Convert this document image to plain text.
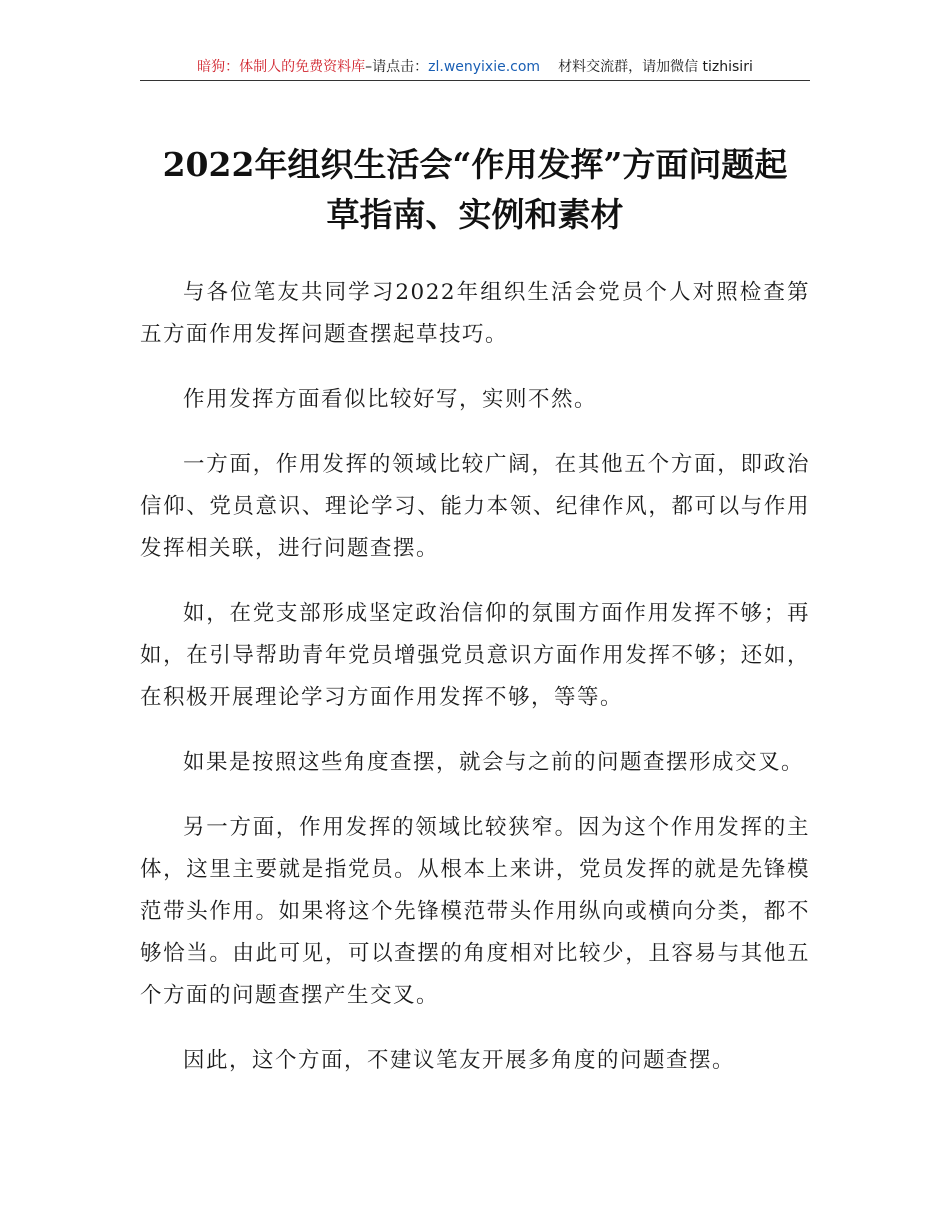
暗狗：体制人的免费资料库–请点击：zl.wenyixie.com 材料交流群，请加微信 tizhisiri
2022年组织生活会“作用发挥”方面问题起
草指南、实例和素材

与各位笔友共同学习2022年组织生活会党员个人对照检查第五方面作用发挥问题查摆起草技巧。

作用发挥方面看似比较好写，实则不然。

一方面，作用发挥的领域比较广阔，在其他五个方面，即政治信仰、党员意识、理论学习、能力本领、纪律作风，都可以与作用发挥相关联，进行问题查摆。

如，在党支部形成坚定政治信仰的氛围方面作用发挥不够；再如，在引导帮助青年党员增强党员意识方面作用发挥不够；还如，在积极开展理论学习方面作用发挥不够，等等。

如果是按照这些角度查摆，就会与之前的问题查摆形成交叉。

另一方面，作用发挥的领域比较狭窄。因为这个作用发挥的主体，这里主要就是指党员。从根本上来讲，党员发挥的就是先锋模范带头作用。如果将这个先锋模范带头作用纵向或横向分类，都不够恰当。由此可见，可以查摆的角度相对比较少，且容易与其他五个方面的问题查摆产生交叉。

因此，这个方面，不建议笔友开展多角度的问题查摆。
